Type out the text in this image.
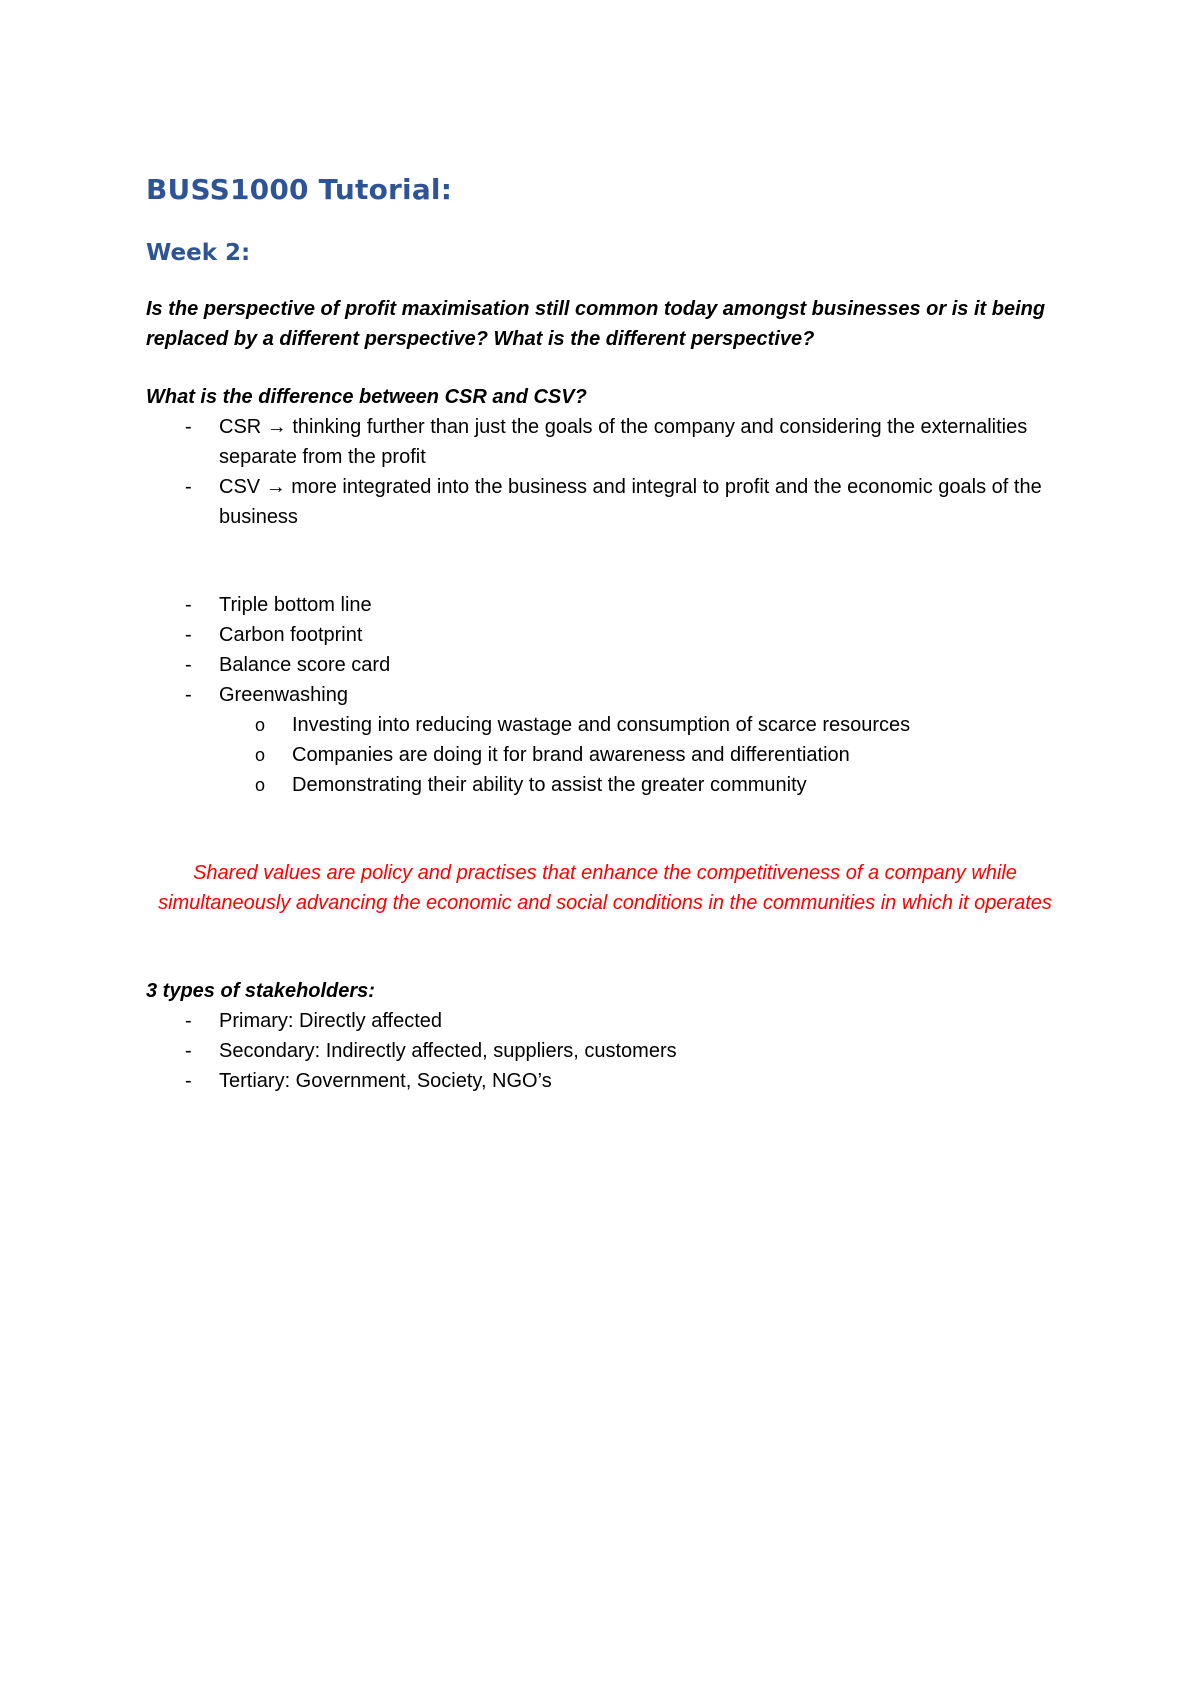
BUSS1000 Tutorial:
Week 2:

Is the perspective of profit maximisation still common today amongst businesses or is it being replaced by a different perspective? What is the different perspective?

What is the difference between CSR and CSV?

- CSR → thinking further than just the goals of the company and considering the externalities separate from the profit
- CSV → more integrated into the business and integral to profit and the economic goals of the business
- Triple bottom line
- Carbon footprint
- Balance score card
- Greenwashing
o Investing into reducing wastage and consumption of scarce resources
o Companies are doing it for brand awareness and differentiation
o Demonstrating their ability to assist the greater community

Shared values are policy and practises that enhance the competitiveness of a company while simultaneously advancing the economic and social conditions in the communities in which it operates

3 types of stakeholders:

- Primary: Directly affected
- Secondary: Indirectly affected, suppliers, customers
- Tertiary: Government, Society, NGO’s
